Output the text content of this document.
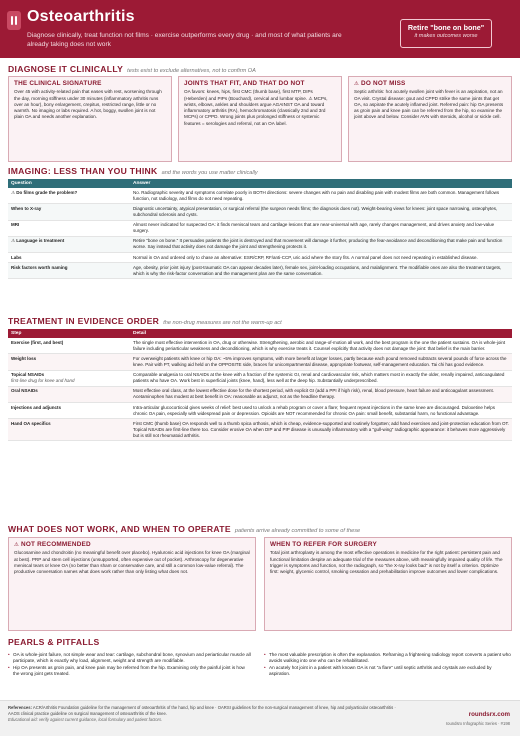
Osteoarthritis
Diagnose clinically, treat function not films · exercise outperforms every drug · and most of what patients are already taking does not work
Retire "bone on bone"
it makes outcomes worse
DIAGNOSE IT CLINICALLY tests exist to exclude alternatives, not to confirm OA
THE CLINICAL SIGNATURE
Over 45 with activity-related pain that eases with rest, worsening through the day, morning stiffness under 30 minutes (inflammatory arthritis runs over an hour), bony enlargement, crepitus, restricted range, little or no warmth. No imaging or labs required. A hot, boggy, swollen joint is not plain OA and needs another explanation.
JOINTS THAT FIT, AND THAT DO NOT
OA favors: knees, hips, first CMC (thumb base), first MTP, DIPs (Heberden) and PIPs (Bouchard), cervical and lumbar spine. ⚠ MCPs, wrists, elbows, ankles and shoulders argue AGAINST OA and toward inflammatory arthritis (RA), hemochromatosis (classically 2nd and 3rd MCPs) or CPPD. Wrong joints plus prolonged stiffness or systemic features = serologies and referral, not an OA label.
⚠ DO NOT MISS
Septic arthritis: hot acutely swollen joint with fever is an aspiration, not an OA visit. Crystal disease: gout and CPPD strike the same joints that get OA, so aspirate the acutely inflamed joint. Referred pain: hip OA presents as groin pain and knee pain can be referred from the hip, so examine the joint above and below. Consider AVN with steroids, alcohol or sickle cell.
IMAGING: LESS THAN YOU THINK and the words you use matter clinically
Question	Answer
⚠ Do films grade the problem?	No. Radiographic severity and symptoms correlate poorly in BOTH directions: severe changes with no pain and disabling pain with modest films are both common. Management follows function, not radiology, and films do not need repeating.
When to X-ray	Diagnostic uncertainty, atypical presentation, or surgical referral (the surgeon needs films; the diagnosis does not). Weight-bearing views for knees: joint space narrowing, osteophytes, subchondral sclerosis and cysts.
MRI	Almost never indicated for suspected OA: it finds meniscal tears and cartilage lesions that are near-universal with age, rarely changes management, and drives anxiety and low-value surgery.
⚠ Language is treatment	Retire "bone on bone." It persuades patients the joint is destroyed and that movement will damage it further, producing the fear-avoidance and deconditioning that make pain and function worse. Say instead that activity does not damage the joint and strengthening protects it.
Labs	Normal in OA and ordered only to chase an alternative: ESR/CRP, RF/anti-CCP, uric acid where the story fits. A normal panel does not need repeating in established disease.
Risk factors worth naming	Age, obesity, prior joint injury (post-traumatic OA can appear decades later), female sex, joint-loading occupations, and malalignment. The modifiable ones are also the treatment targets, which is why the risk-factor conversation and the management plan are the same conversation.
TREATMENT IN EVIDENCE ORDER the non-drug measures are not the warm-up act
Step	Detail
Exercise (first, and best)	The single most effective intervention in OA, drug or otherwise. Strengthening, aerobic and range-of-motion all work, and the best program is the one the patient sustains. OA is whole-joint failure including periarticular weakness and deconditioning, which is why exercise treats it. Counsel explicitly that activity does not damage the joint: that belief is the main barrier.
Weight loss	For overweight patients with knee or hip OA: ~5% improves symptoms, with more benefit at larger losses, partly because each pound removed subtracts several pounds of force across the knee. Pair with PT, walking aid held on the OPPOSITE side, braces for unicompartmental disease, appropriate footwear, self-management education. Tai chi has good evidence.
Topical NSAIDs
first-line drug for knee and hand	Comparable analgesia to oral NSAIDs at the knee with a fraction of the systemic GI, renal and cardiovascular risk, which matters most in exactly the older, renally impaired, anticoagulated patients who have OA. Work best in superficial joints (knee, hand), less well at the deep hip. Substantially underprescribed.
Oral NSAIDs	Most effective oral class, at the lowest effective dose for the shortest period, with explicit GI (add a PPI if high risk), renal, blood pressure, heart failure and anticoagulant assessment. Acetaminophen has modest at best benefit in OA: reasonable as adjunct, not as the headline therapy.
Injections and adjuncts	Intra-articular glucocorticoid gives weeks of relief: best used to unlock a rehab program or cover a flare; frequent repeat injections in the same knee are discouraged. Duloxetine helps chronic OA pain, especially with widespread pain or depression. Opioids are NOT recommended for chronic OA pain: small benefit, substantial harm, no functional advantage.
Hand OA specifics	First CMC (thumb base) OA responds well to a thumb spica orthosis, which is cheap, evidence-supported and routinely forgotten; add hand exercises and joint-protection education from OT. Topical NSAIDs are first-line there too. Consider erosive OA when DIP and PIP disease is unusually inflammatory with a "gull-wing" radiographic appearance: it behaves more aggressively but is still not rheumatoid arthritis.
WHAT DOES NOT WORK, AND WHEN TO OPERATE patients arrive already committed to some of these
⚠ NOT RECOMMENDED
Glucosamine and chondroitin (no meaningful benefit over placebo). Hyaluronic acid injections for knee OA (marginal at best). PRP and stem cell injections (unsupported, often expensive out of pocket). Arthroscopy for degenerative meniscal tears or knee OA (no better than sham or conservative care, and still a common low-value referral). The productive conversation names what does work rather than only listing what does not.
WHEN TO REFER FOR SURGERY
Total joint arthroplasty is among the most effective operations in medicine for the right patient: persistent pain and functional limitation despite an adequate trial of the measures above, with meaningfully impaired quality of life. The trigger is symptoms and function, not the radiograph, so "the X-ray looks bad" is not by itself a criterion. Optimize first: weight, glycemic control, smoking cessation and prehabilitation improve outcomes and lower complications.
PEARLS & PITFALLS
• OA is whole-joint failure, not simple wear and tear: cartilage, subchondral bone, synovium and periarticular muscle all participate, which is exactly why load, alignment, weight and strength are modifiable.
• Hip OA presents as groin pain, and knee pain may be referred from the hip. Examining only the painful joint is how the wrong joint gets treated.
• The most valuable prescription is often the explanation. Reframing a frightening radiology report converts a patient who avoids walking into one who can be rehabilitated.
• An acutely hot joint in a patient with known OA is not "a flare" until septic arthritis and crystals are excluded by aspiration.
References: ACR/Arthritis Foundation guideline for the management of osteoarthritis of the hand, hip and knee · OARSI guidelines for the non-surgical management of knee, hip and polyarticular osteoarthritis · AAOS clinical practice guideline on surgical management of osteoarthritis of the knee.
Educational aid: verify against current guidance, local formulary and patient factors.
roundsrx.com
roundsrx Infographic Series · #198
